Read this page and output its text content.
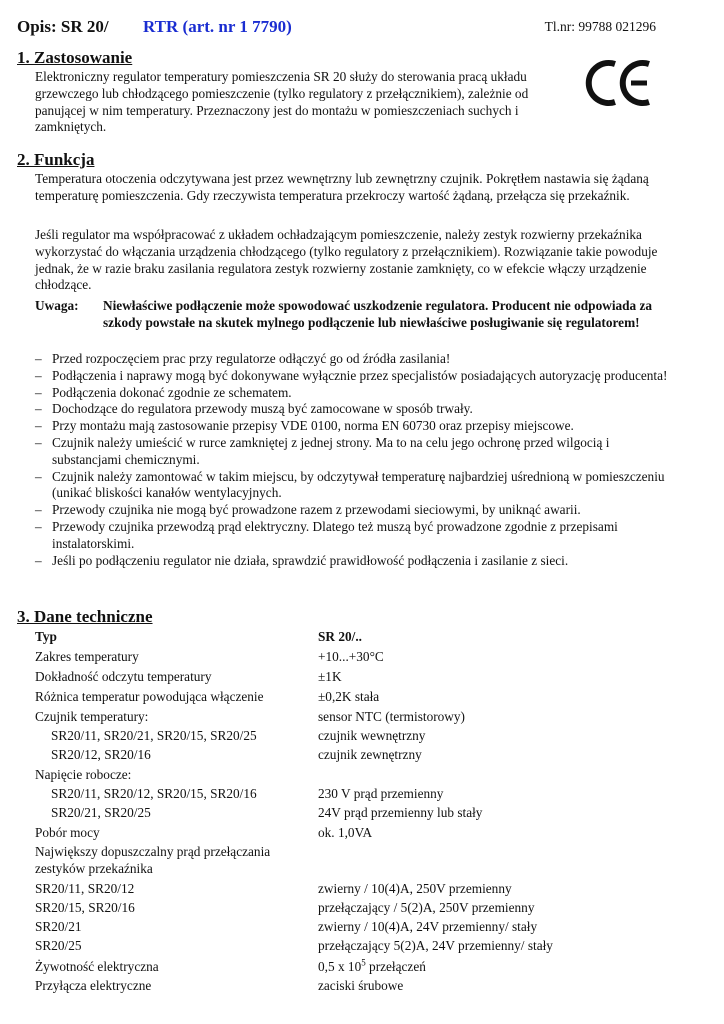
Opis: SR 20/ RTR (art. nr 1 7790)	Tl.nr: 99788 021296
1. Zastosowanie
Elektroniczny regulator temperatury pomieszczenia SR 20 służy do sterowania pracą układu grzewczego lub chłodzącego pomieszczenie (tylko regulatory z przełącznikiem), zależnie od panującej w nim temperatury. Przeznaczony jest do montażu w pomieszczeniach suchych i zamkniętych.
2. Funkcja
Temperatura otoczenia odczytywana jest przez wewnętrzny lub zewnętrzny czujnik. Pokrętłem nastawia się żądaną temperaturę pomieszczenia. Gdy rzeczywista temperatura przekroczy wartość żądaną, przełącza się przekaźnik.
Jeśli regulator ma współpracować z układem ochładzającym pomieszczenie, należy zestyk rozwierny przekaźnika wykorzystać do włączania urządzenia chłodzącego (tylko regulatory z przełącznikiem). Rozwiązanie takie powoduje jednak, że w razie braku zasilania regulatora zestyk rozwierny zostanie zamknięty, co w efekcie włączy urządzenie chłodzące.
Uwaga: Niewłaściwe podłączenie może spowodować uszkodzenie regulatora. Producent nie odpowiada za szkody powstałe na skutek mylnego podłączenie lub niewłaściwe posługiwanie się regulatorem!
– Przed rozpoczęciem prac przy regulatorze odłączyć go od źródła zasilania!
– Podłączenia i naprawy mogą być dokonywane wyłącznie przez specjalistów posiadających autoryzację producenta!
– Podłączenia dokonać zgodnie ze schematem.
– Dochodzące do regulatora przewody muszą być zamocowane w sposób trwały.
– Przy montażu mają zastosowanie przepisy VDE 0100, norma EN 60730 oraz przepisy miejscowe.
– Czujnik należy umieścić w rurce zamkniętej z jednej strony. Ma to na celu jego ochronę przed wilgocią i substancjami chemicznymi.
– Czujnik należy zamontować w takim miejscu, by odczytywał temperaturę najbardziej uśrednioną w pomieszczeniu (unikać bliskości kanałów wentylacyjnych.
– Przewody czujnika nie mogą być prowadzone razem z przewodami sieciowymi, by uniknąć awarii.
– Przewody czujnika przewodzą prąd elektryczny. Dlatego też muszą być prowadzone zgodnie z przepisami instalatorskimi.
– Jeśli po podłączeniu regulator nie działa, sprawdzić prawidłowość podłączenia i zasilanie z sieci.
3. Dane techniczne
Typ	SR 20/..
Zakres temperatury	+10...+30°C
Dokładność odczytu temperatury	±1K
Różnica temperatur powodująca włączenie	±0,2K stała
Czujnik temperatury:	sensor NTC (termistorowy)
SR20/11, SR20/21, SR20/15, SR20/25	czujnik wewnętrzny
SR20/12, SR20/16	czujnik zewnętrzny
Napięcie robocze:
SR20/11, SR20/12, SR20/15, SR20/16	230 V prąd przemienny
SR20/21, SR20/25	24V prąd przemienny lub stały
Pobór mocy	ok. 1,0VA
Największy dopuszczalny prąd przełączania zestyków przekaźnika
SR20/11, SR20/12	zwierny / 10(4)A, 250V przemienny
SR20/15, SR20/16	przełączający / 5(2)A, 250V przemienny
SR20/21	zwierny / 10(4)A, 24V przemienny/ stały
SR20/25	przełączający 5(2)A, 24V przemienny/ stały
Żywotność elektryczna	0,5 x $10^5$ przełączeń
Przyłącza elektryczne	zaciski śrubowe
